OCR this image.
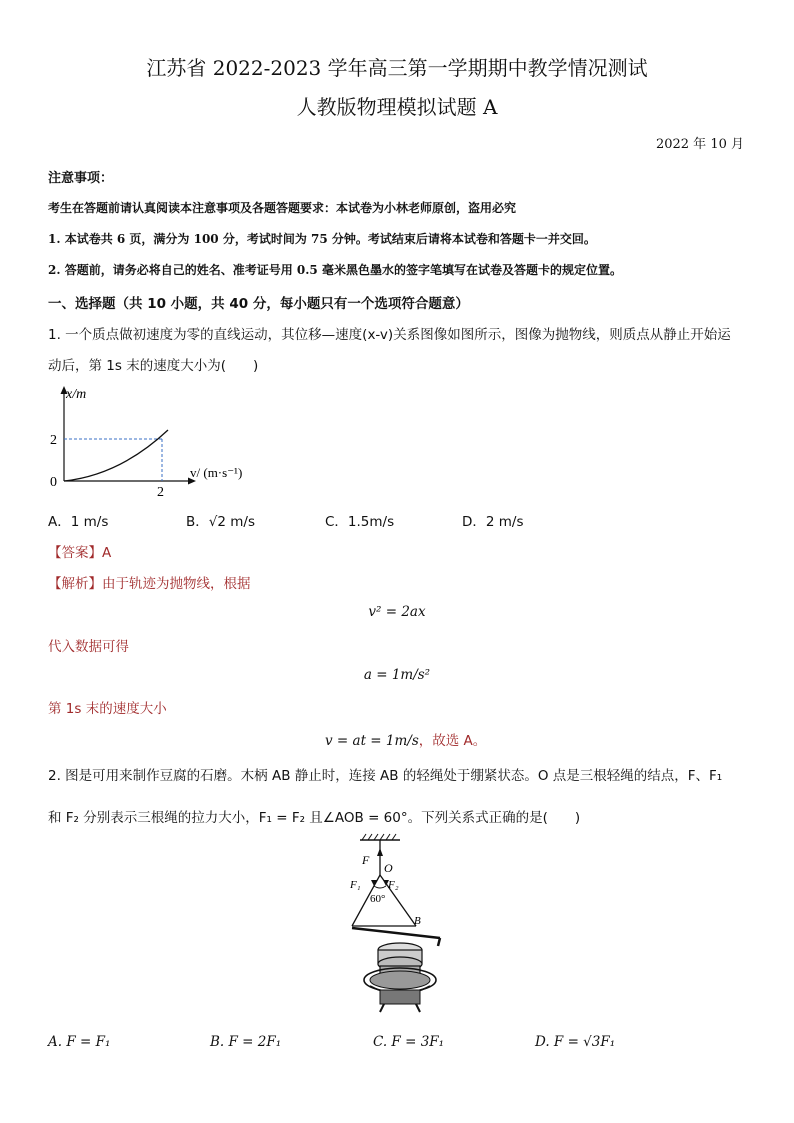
江苏省 2022-2023 学年高三第一学期期中教学情况测试
人教版物理模拟试题 A
2022 年 10 月
注意事项：
考生在答题前请认真阅读本注意事项及各题答题要求：本试卷为小林老师原创，盗用必究
1. 本试卷共 6 页，满分为 100 分，考试时间为 75 分钟。考试结束后请将本试卷和答题卡一并交回。
2. 答题前，请务必将自己的姓名、准考证号用 0.5 毫米黑色墨水的签字笔填写在试卷及答题卡的规定位置。
一、选择题（共 10 小题，共 40 分，每小题只有一个选项符合题意）
1. 一个质点做初速度为零的直线运动，其位移—速度(x-v)关系图像如图所示，图像为抛物线，则质点从静止开始运
动后，第 1s 末的速度大小为(　　)
x/m
v/ (m·s⁻¹)
0
2
2
A．1 m/s	B．√2 m/s	C．1.5m/s	D．2 m/s
【答案】A
【解析】由于轨迹为抛物线，根据
v² = 2ax
代入数据可得
a = 1m/s²
第 1s 末的速度大小
v = at = 1m/s，故选 A。
2. 图是可用来制作豆腐的石磨。木柄 AB 静止时，连接 AB 的轻绳处于绷紧状态。O 点是三根轻绳的结点，F、F₁
和 F₂ 分别表示三根绳的拉力大小，F₁ = F₂ 且∠AOB = 60°。下列关系式正确的是(　　)
F
O
F₁ F₂
60°
B
A. F = F₁	B. F = 2F₁	C. F = 3F₁	D. F = √3F₁
